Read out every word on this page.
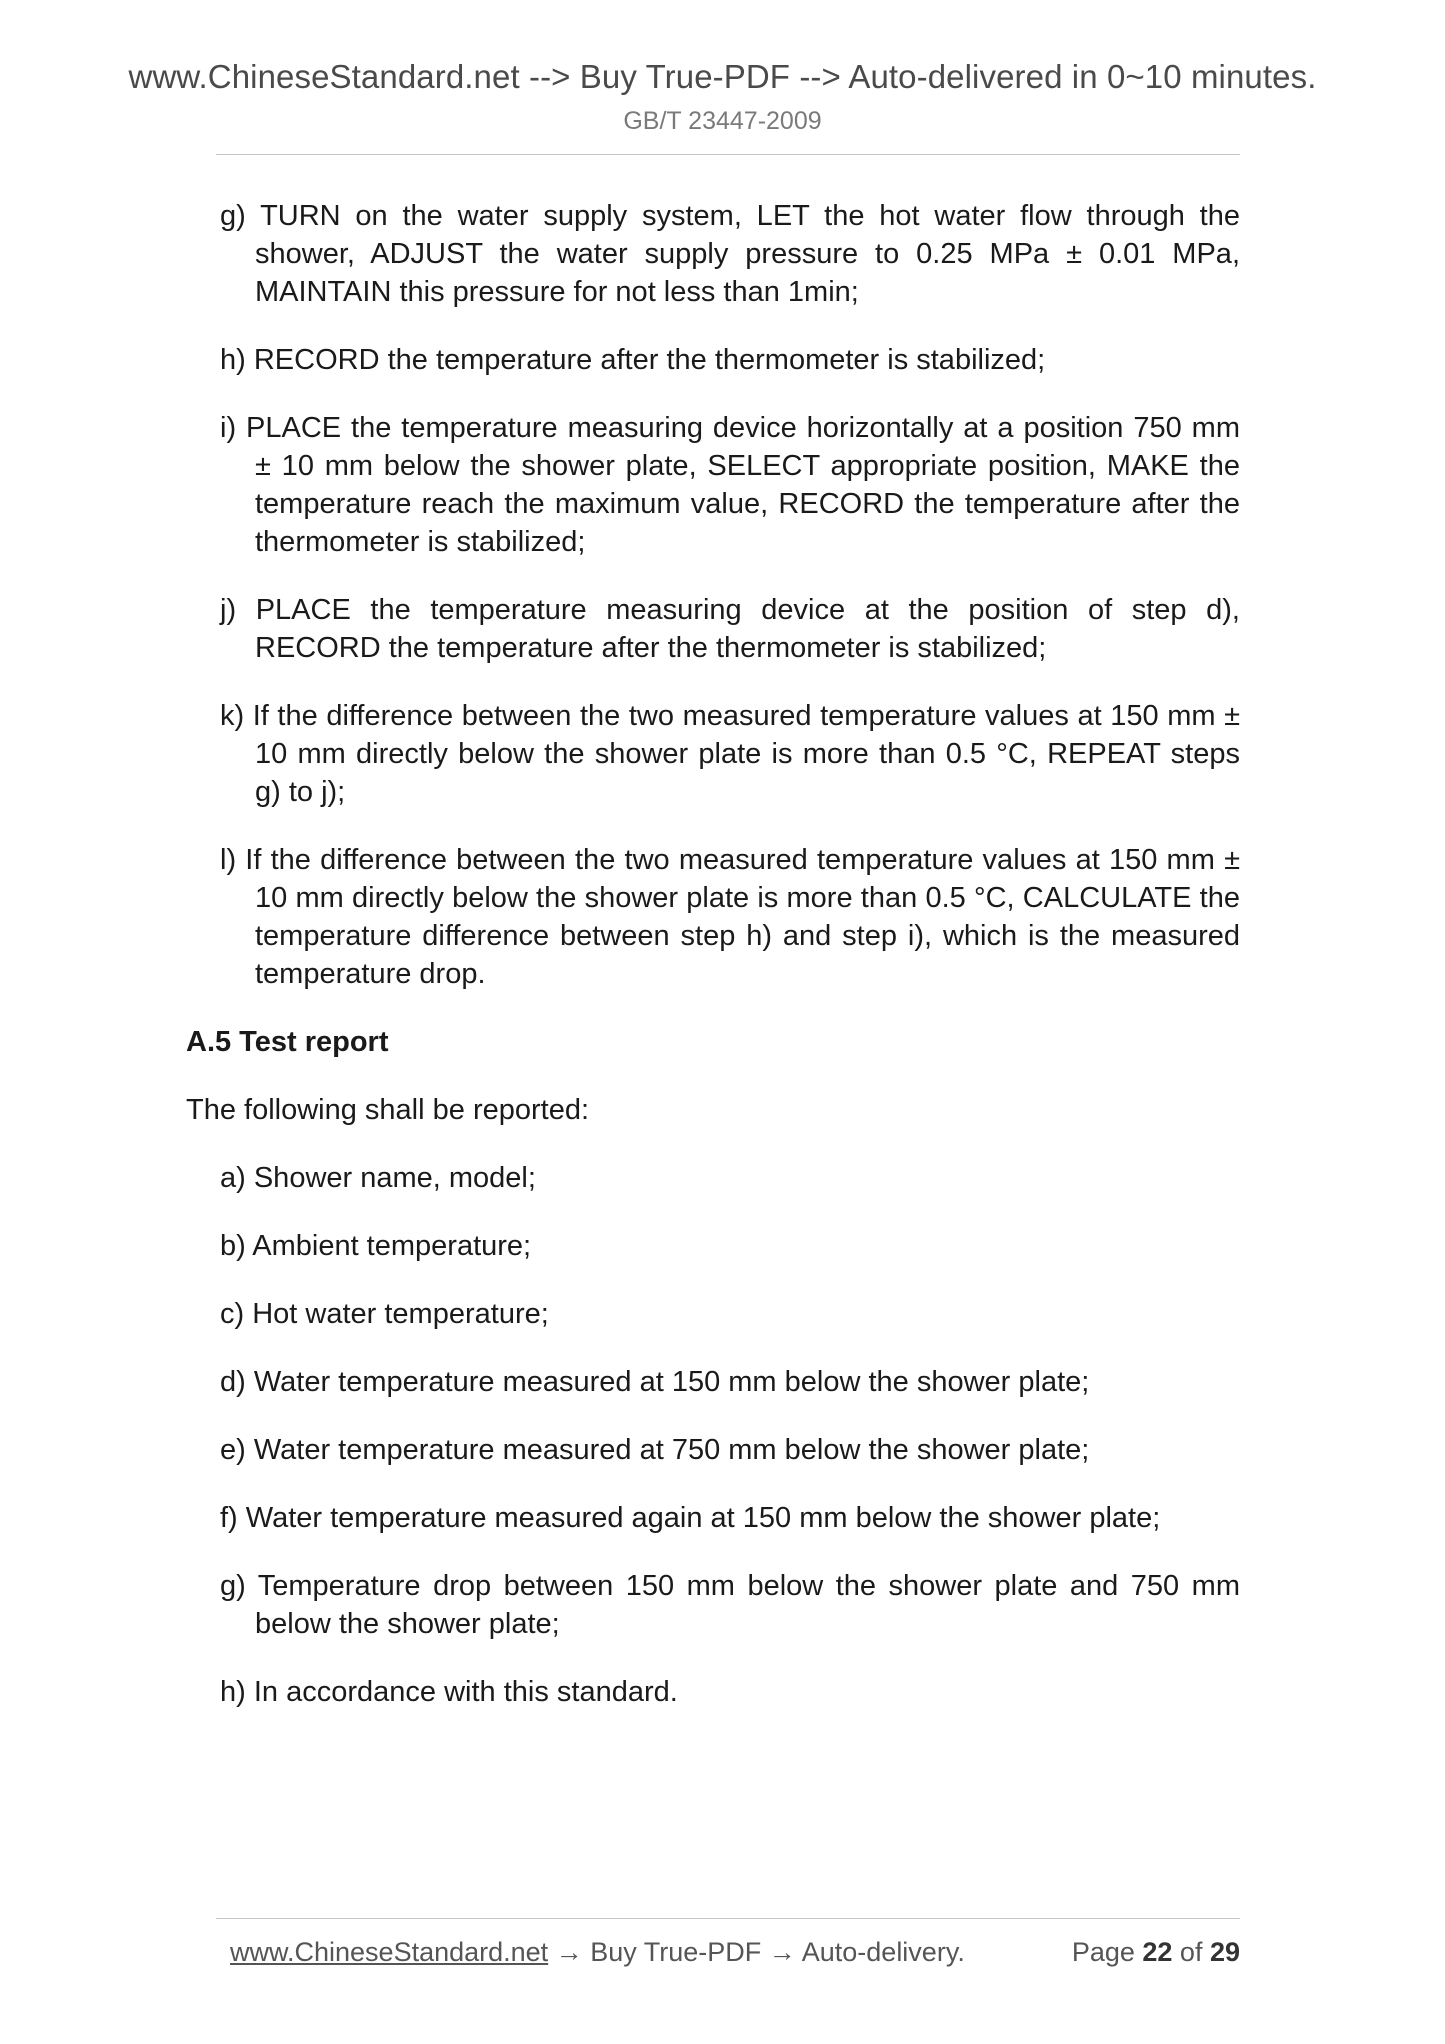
www.ChineseStandard.net --> Buy True-PDF --> Auto-delivered in 0~10 minutes.
GB/T 23447-2009

g) TURN on the water supply system, LET the hot water flow through the shower, ADJUST the water supply pressure to 0.25 MPa ± 0.01 MPa, MAINTAIN this pressure for not less than 1min;

h) RECORD the temperature after the thermometer is stabilized;

i) PLACE the temperature measuring device horizontally at a position 750 mm ± 10 mm below the shower plate, SELECT appropriate position, MAKE the temperature reach the maximum value, RECORD the temperature after the thermometer is stabilized;

j) PLACE the temperature measuring device at the position of step d), RECORD the temperature after the thermometer is stabilized;

k) If the difference between the two measured temperature values at 150 mm ± 10 mm directly below the shower plate is more than 0.5 °C, REPEAT steps g) to j);

l) If the difference between the two measured temperature values at 150 mm ± 10 mm directly below the shower plate is more than 0.5 °C, CALCULATE the temperature difference between step h) and step i), which is the measured temperature drop.

A.5 Test report

The following shall be reported:

a) Shower name, model;

b) Ambient temperature;

c) Hot water temperature;

d) Water temperature measured at 150 mm below the shower plate;

e) Water temperature measured at 750 mm below the shower plate;

f) Water temperature measured again at 150 mm below the shower plate;

g) Temperature drop between 150 mm below the shower plate and 750 mm below the shower plate;

h) In accordance with this standard.

www.ChineseStandard.net → Buy True-PDF → Auto-delivery.	Page 22 of 29
